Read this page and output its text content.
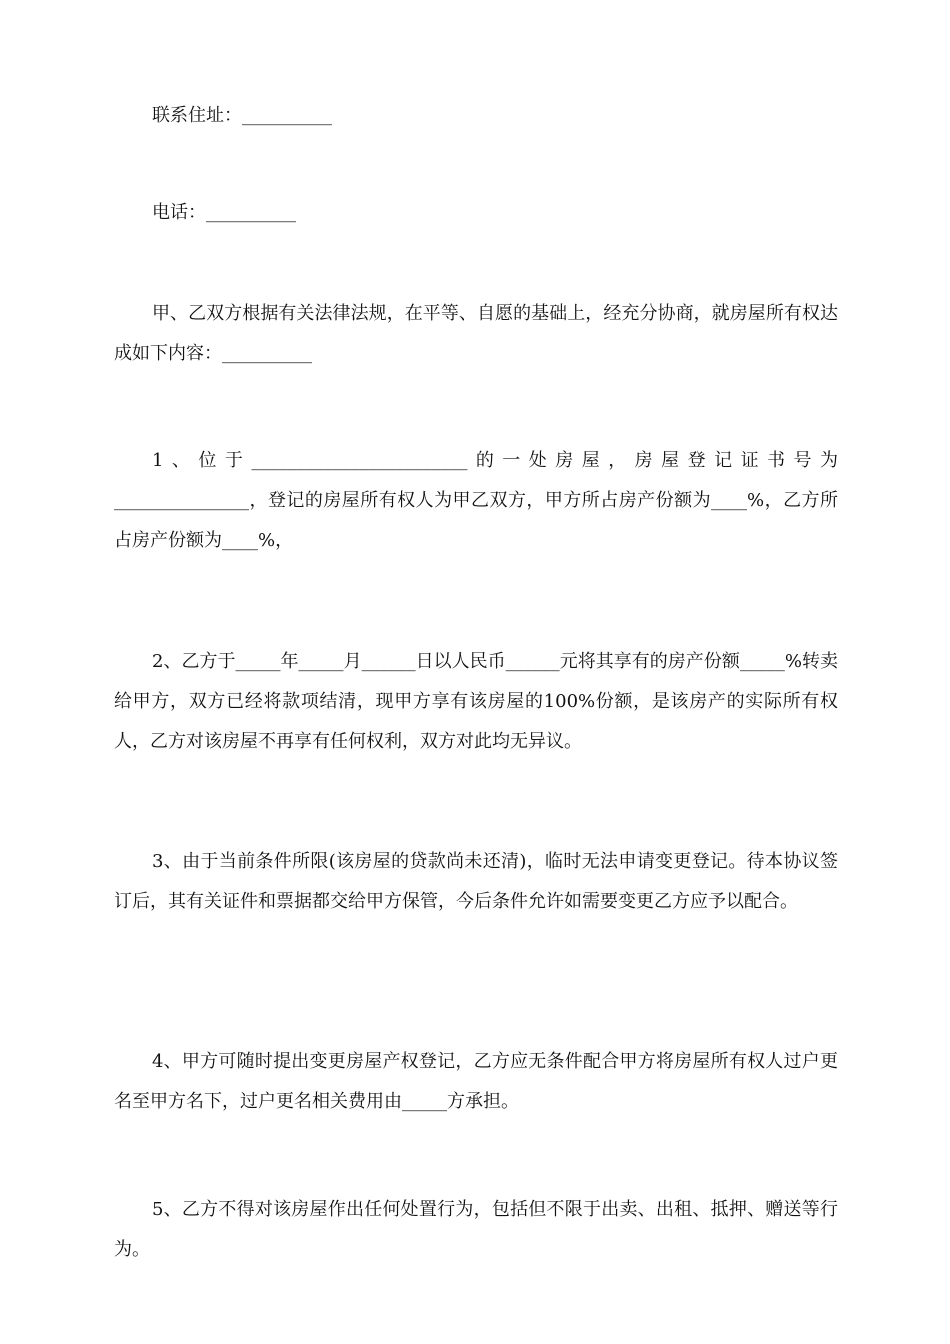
联系住址：__________

电话：__________

甲、乙双方根据有关法律法规，在平等、自愿的基础上，经充分协商，就房屋所有权达成如下内容：__________

1、位于________________________的一处房屋，房屋登记证书号为_______________，登记的房屋所有权人为甲乙双方，甲方所占房产份额为____%，乙方所占房产份额为____%，

2、乙方于_____年_____月______日以人民币______元将其享有的房产份额_____%转卖给甲方，双方已经将款项结清，现甲方享有该房屋的100%份额，是该房产的实际所有权人，乙方对该房屋不再享有任何权利，双方对此均无异议。

3、由于当前条件所限(该房屋的贷款尚未还清)，临时无法申请变更登记。待本协议签订后，其有关证件和票据都交给甲方保管，今后条件允许如需要变更乙方应予以配合。

4、甲方可随时提出变更房屋产权登记，乙方应无条件配合甲方将房屋所有权人过户更名至甲方名下，过户更名相关费用由_____方承担。

5、乙方不得对该房屋作出任何处置行为，包括但不限于出卖、出租、抵押、赠送等行为。
